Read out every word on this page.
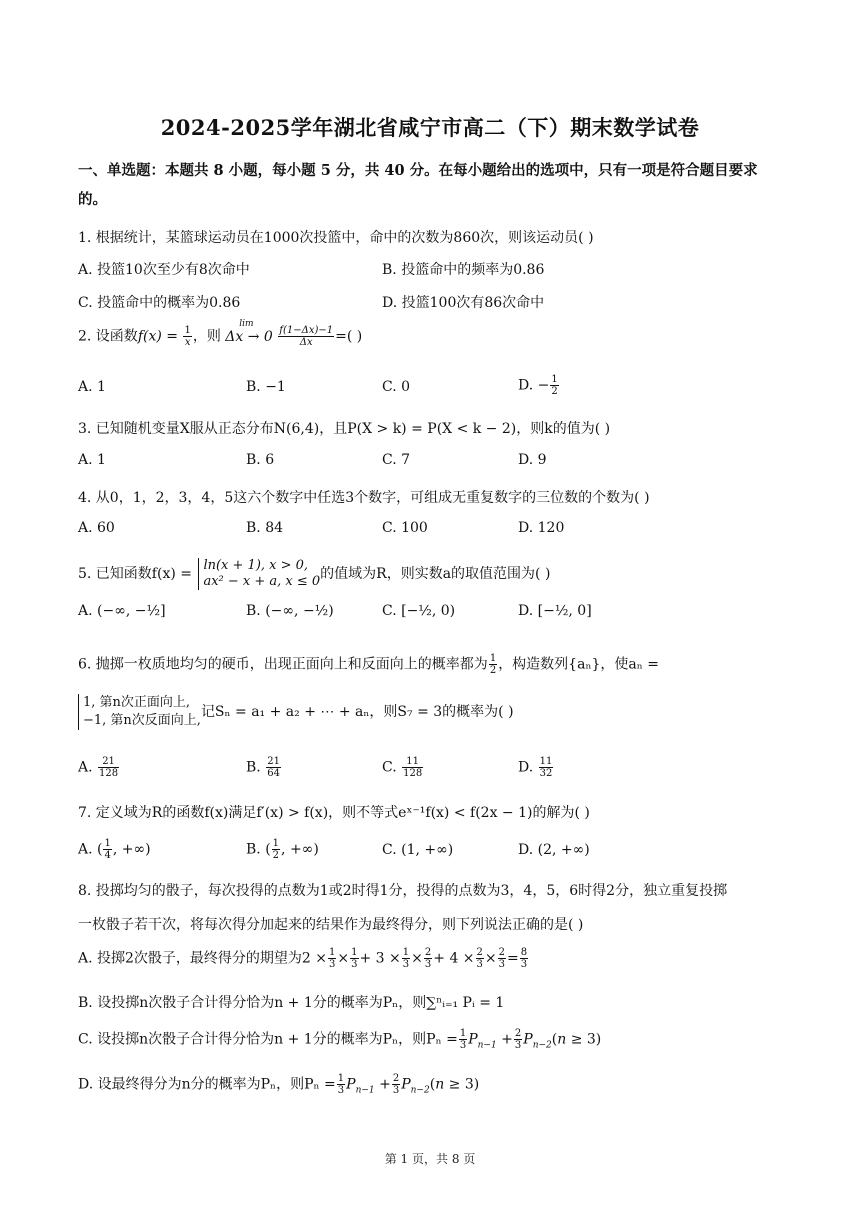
2024-2025学年湖北省咸宁市高二（下）期末数学试卷
一、单选题：本题共 8 小题，每小题 5 分，共 40 分。在每小题给出的选项中，只有一项是符合题目要求的。
1. 根据统计，某篮球运动员在1000次投篮中，命中的次数为860次，则该运动员( )
A. 投篮10次至少有8次命中	B. 投篮命中的频率为0.86
C. 投篮命中的概率为0.86	D. 投篮100次有86次命中
2. 设函数$f(x) = \frac{1}{x}$ ，则
lim
$\Delta x \to 0 \frac{f(1-\Delta x)-1}{\Delta x}$ =( )
A. 1	B. −1	C. 0	D. − $\frac{1}{2}$
3. 已知随机变量X服从正态分布N(6,4)，且P(X > k) = P(X < k − 2)，则k的值为( )
A. 1	B. 6	C. 7	D. 9
4. 从0，1，2，3，4，5这六个数字中任选3个数字，可组成无重复数字的三位数的个数为( )
A. 60	B. 84	C. 100	D. 120
5. 已知函数f(x) =
ln(x + 1), x > 0,
ax² − x + a, x ≤ 0 的值域为R，则实数a的取值范围为( )
A. (−∞, −½]	B. (−∞, −½)	C. [−½, 0)	D. [−½, 0]
6. 抛掷一枚质地均匀的硬币，出现正面向上和反面向上的概率都为 $\frac{1}{2}$ ，构造数列{aₙ}，使aₙ =
1, 第n次正面向上,
−1, 第n次反面向上,
记Sₙ = a₁ + a₂ + ⋯ + aₙ，则S₇ = 3的概率为( )
A. $\frac{21}{128}$	B. $\frac{21}{64}$	C. $\frac{11}{128}$	D. $\frac{11}{32}$
7. 定义域为R的函数f(x)满足f′(x) > f(x)，则不等式eˣ⁻¹f(x) < f(2x − 1)的解为( )
A. ( $\frac{1}{4}$ , +∞)	B. ( $\frac{1}{2}$ , +∞)	C. (1, +∞)	D. (2, +∞)
8. 投掷均匀的骰子，每次投得的点数为1或2时得1分，投得的点数为3，4，5，6时得2分，独立重复投掷
一枚骰子若干次，将每次得分加起来的结果作为最终得分，则下列说法正确的是( )
A. 投掷2次骰子，最终得分的期望为$2 \times \frac{1}{3} \times \frac{1}{3} + 3 \times \frac{1}{3} \times \frac{2}{3} + 4 \times \frac{2}{3} \times \frac{2}{3} = \frac{8}{3}$
B. 设投掷n次骰子合计得分恰为n + 1分的概率为Pₙ，则∑ⁿᵢ₌₁ Pᵢ = 1
C. 设投掷n次骰子合计得分恰为n + 1分的概率为Pₙ，则$P_n = \frac{1}{3} P_{n-1} + \frac{2}{3} P_{n-2}(n \ge 3)$
D. 设最终得分为n分的概率为Pₙ，则$P_n = \frac{1}{3} P_{n-1} + \frac{2}{3} P_{n-2}(n \ge 3)$
第 1 页，共 8 页
